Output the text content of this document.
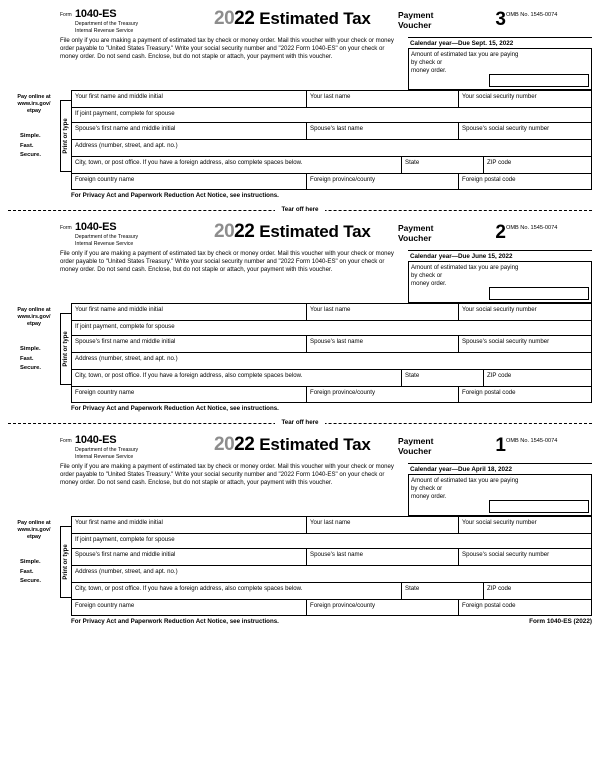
Form 1040-ES
Department of the Treasury
Internal Revenue Service
2022 Estimated Tax	Payment
Voucher	3 OMB No. 1545-0074

File only if you are making a payment of estimated tax by check or money order. Mail this voucher with your check or money order payable to "United States Treasury." Write your social security number and "2022 Form 1040-ES" on your check or money order. Do not send cash. Enclose, but do not staple or attach, your payment with this voucher.

Calendar year—Due Sept. 15, 2022
Amount of estimated tax you are paying
by check or
money order.
Pay online at
www.irs.gov/
etpay
Simple.
Fast.
Secure.
Print or type
Your first name and middle initial	Your last name	Your social security number
If joint payment, complete for spouse
Spouse's first name and middle initial	Spouse's last name	Spouse's social security number
Address (number, street, and apt. no.)
City, town, or post office. If you have a foreign address, also complete spaces below.	State	ZIP code
Foreign country name	Foreign province/county	Foreign postal code
For Privacy Act and Paperwork Reduction Act Notice, see instructions.
Tear off here
Form 1040-ES
Department of the Treasury
Internal Revenue Service
2022 Estimated Tax	Payment
Voucher	2 OMB No. 1545-0074

File only if you are making a payment of estimated tax by check or money order. Mail this voucher with your check or money order payable to "United States Treasury." Write your social security number and "2022 Form 1040-ES" on your check or money order. Do not send cash. Enclose, but do not staple or attach, your payment with this voucher.

Calendar year—Due June 15, 2022
Amount of estimated tax you are paying
by check or
money order.
Pay online at
www.irs.gov/
etpay
Simple.
Fast.
Secure.
Print or type
Your first name and middle initial	Your last name	Your social security number
If joint payment, complete for spouse
Spouse's first name and middle initial	Spouse's last name	Spouse's social security number
Address (number, street, and apt. no.)
City, town, or post office. If you have a foreign address, also complete spaces below.	State	ZIP code
Foreign country name	Foreign province/county	Foreign postal code
For Privacy Act and Paperwork Reduction Act Notice, see instructions.
Tear off here
Form 1040-ES
Department of the Treasury
Internal Revenue Service
2022 Estimated Tax	Payment
Voucher	1 OMB No. 1545-0074

File only if you are making a payment of estimated tax by check or money order. Mail this voucher with your check or money order payable to "United States Treasury." Write your social security number and "2022 Form 1040-ES" on your check or money order. Do not send cash. Enclose, but do not staple or attach, your payment with this voucher.

Calendar year—Due April 18, 2022
Amount of estimated tax you are paying
by check or
money order.
Pay online at
www.irs.gov/
etpay
Simple.
Fast.
Secure.
Print or type
Your first name and middle initial	Your last name	Your social security number
If joint payment, complete for spouse
Spouse's first name and middle initial	Spouse's last name	Spouse's social security number
Address (number, street, and apt. no.)
City, town, or post office. If you have a foreign address, also complete spaces below.	State	ZIP code
Foreign country name	Foreign province/county	Foreign postal code
For Privacy Act and Paperwork Reduction Act Notice, see instructions.	Form 1040-ES (2022)
